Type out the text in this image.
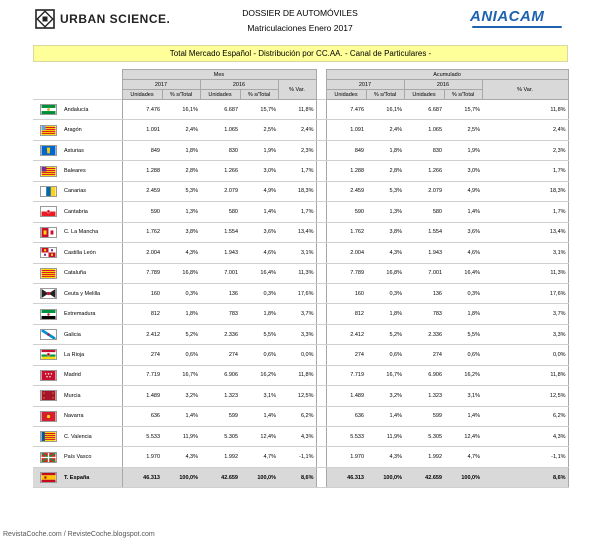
URBAN SCIENCE.	DOSSIER DE AUTOMÓVILES
Matriculaciones Enero 2017
ANIACAM
Total Mercado Español - Distribución por CC.AA. - Canal de Particulares -
		Mes						Acumulado				
		2017		2016		% Var.		2017		2016		% Var.
		Unidades	% s/Total	Unidades	% s/Total			Unidades	% s/Total	Unidades	% s/Total	

	Andalucía	7.476	16,1%	6.687	15,7%	11,8%		7.476	16,1%	6.687	15,7%	11,8%

	Aragón	1.091	2,4%	1.065	2,5%	2,4%		1.091	2,4%	1.065	2,5%	2,4%

	Asturias	849	1,8%	830	1,9%	2,3%		849	1,8%	830	1,9%	2,3%

	Baleares	1.288	2,8%	1.266	3,0%	1,7%		1.288	2,8%	1.266	3,0%	1,7%

	Canarias	2.459	5,3%	2.079	4,9%	18,3%		2.459	5,3%	2.079	4,9%	18,3%

	Cantabria	590	1,3%	580	1,4%	1,7%		590	1,3%	580	1,4%	1,7%

	C. La Mancha	1.762	3,8%	1.554	3,6%	13,4%		1.762	3,8%	1.554	3,6%	13,4%

	Castilla León	2.004	4,3%	1.943	4,6%	3,1%		2.004	4,3%	1.943	4,6%	3,1%

	Cataluña	7.789	16,8%	7.001	16,4%	11,3%		7.789	16,8%	7.001	16,4%	11,3%

	Ceuta y Melilla	160	0,3%	136	0,3%	17,6%		160	0,3%	136	0,3%	17,6%

	Extremadura	812	1,8%	783	1,8%	3,7%		812	1,8%	783	1,8%	3,7%

	Galicia	2.412	5,2%	2.336	5,5%	3,3%		2.412	5,2%	2.336	5,5%	3,3%

	La Rioja	274	0,6%	274	0,6%	0,0%		274	0,6%	274	0,6%	0,0%

	Madrid	7.719	16,7%	6.906	16,2%	11,8%		7.719	16,7%	6.906	16,2%	11,8%

	Murcia	1.489	3,2%	1.323	3,1%	12,5%		1.489	3,2%	1.323	3,1%	12,5%

	Navarra	636	1,4%	599	1,4%	6,2%		636	1,4%	599	1,4%	6,2%

	C. Valencia	5.533	11,9%	5.305	12,4%	4,3%		5.533	11,9%	5.305	12,4%	4,3%

	País Vasco	1.970	4,3%	1.992	4,7%	-1,1%		1.970	4,3%	1.992	4,7%	-1,1%

	T. España	46.313	100,0%	42.659	100,0%	8,6%		46.313	100,0%	42.659	100,0%	8,6%
RevistaCoche.com / RevisteCoche.blogspot.com
